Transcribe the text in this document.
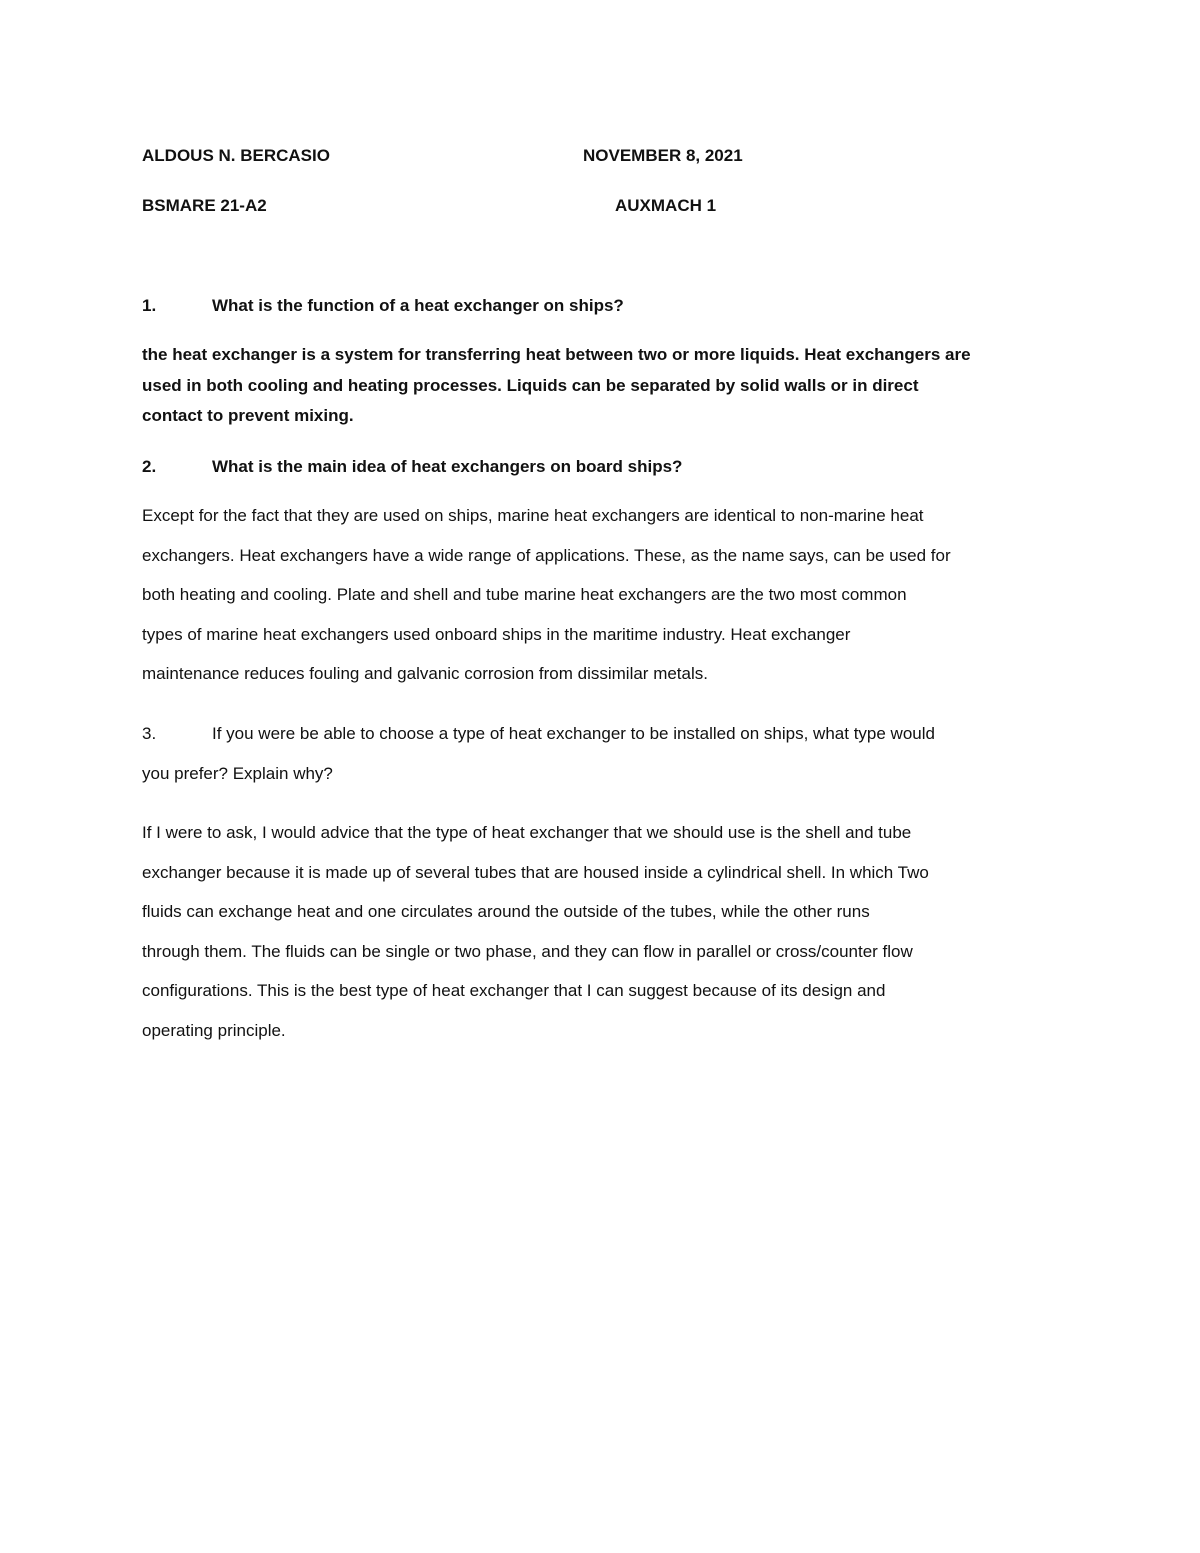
ALDOUS N. BERCASIO	NOVEMBER 8, 2021
BSMARE 21-A2	AUXMACH 1
1.	What is the function of a heat exchanger on ships?
the heat exchanger is a system for transferring heat between two or more liquids. Heat exchangers are
used in both cooling and heating processes. Liquids can be separated by solid walls or in direct
contact to prevent mixing.
2.	What is the main idea of heat exchangers on board ships?
Except for the fact that they are used on ships, marine heat exchangers are identical to non-marine heat
exchangers. Heat exchangers have a wide range of applications. These, as the name says, can be used for
both heating and cooling. Plate and shell and tube marine heat exchangers are the two most common
types of marine heat exchangers used onboard ships in the maritime industry. Heat exchanger
maintenance reduces fouling and galvanic corrosion from dissimilar metals.
3.	If you were be able to choose a type of heat exchanger to be installed on ships, what type would
you prefer? Explain why?
If I were to ask, I would advice that the type of heat exchanger that we should use is the shell and tube
exchanger because it is made up of several tubes that are housed inside a cylindrical shell. In which Two
fluids can exchange heat and one circulates around the outside of the tubes, while the other runs
through them. The fluids can be single or two phase, and they can flow in parallel or cross/counter flow
configurations. This is the best type of heat exchanger that I can suggest because of its design and
operating principle.
